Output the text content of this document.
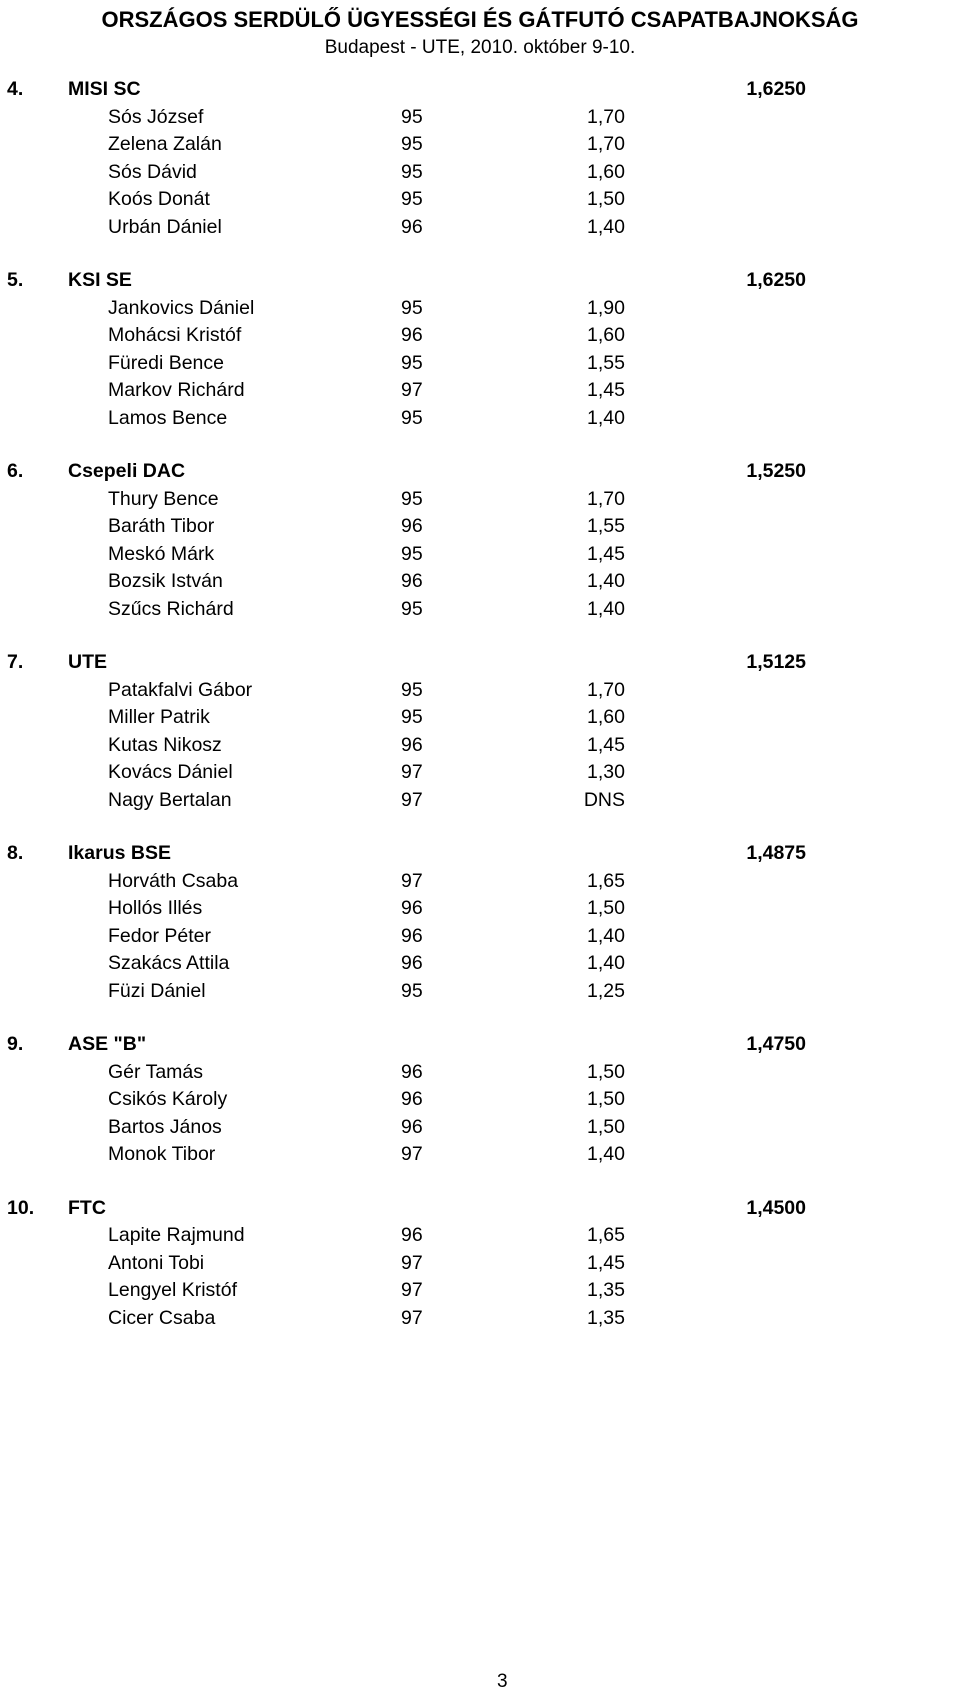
ORSZÁGOS SERDÜLŐ ÜGYESSÉGI ÉS GÁTFUTÓ CSAPATBAJNOKSÁG
Budapest - UTE, 2010. október 9-10.
4. MISI SC	1,6250
Sós József	95	1,70
Zelena Zalán	95	1,70
Sós Dávid	95	1,60
Koós Donát	95	1,50
Urbán Dániel	96	1,40
5. KSI SE	1,6250
Jankovics Dániel	95	1,90
Mohácsi Kristóf	96	1,60
Füredi Bence	95	1,55
Markov Richárd	97	1,45
Lamos Bence	95	1,40
6. Csepeli DAC	1,5250
Thury Bence	95	1,70
Baráth Tibor	96	1,55
Meskó Márk	95	1,45
Bozsik István	96	1,40
Szűcs Richárd	95	1,40
7. UTE	1,5125
Patakfalvi Gábor	95	1,70
Miller Patrik	95	1,60
Kutas Nikosz	96	1,45
Kovács Dániel	97	1,30
Nagy Bertalan	97	DNS
8. Ikarus BSE	1,4875
Horváth Csaba	97	1,65
Hollós Illés	96	1,50
Fedor Péter	96	1,40
Szakács Attila	96	1,40
Füzi Dániel	95	1,25
9. ASE "B"	1,4750
Gér Tamás	96	1,50
Csikós Károly	96	1,50
Bartos János	96	1,50
Monok Tibor	97	1,40
10. FTC	1,4500
Lapite Rajmund	96	1,65
Antoni Tobi	97	1,45
Lengyel Kristóf	97	1,35
Cicer Csaba	97	1,35
3
